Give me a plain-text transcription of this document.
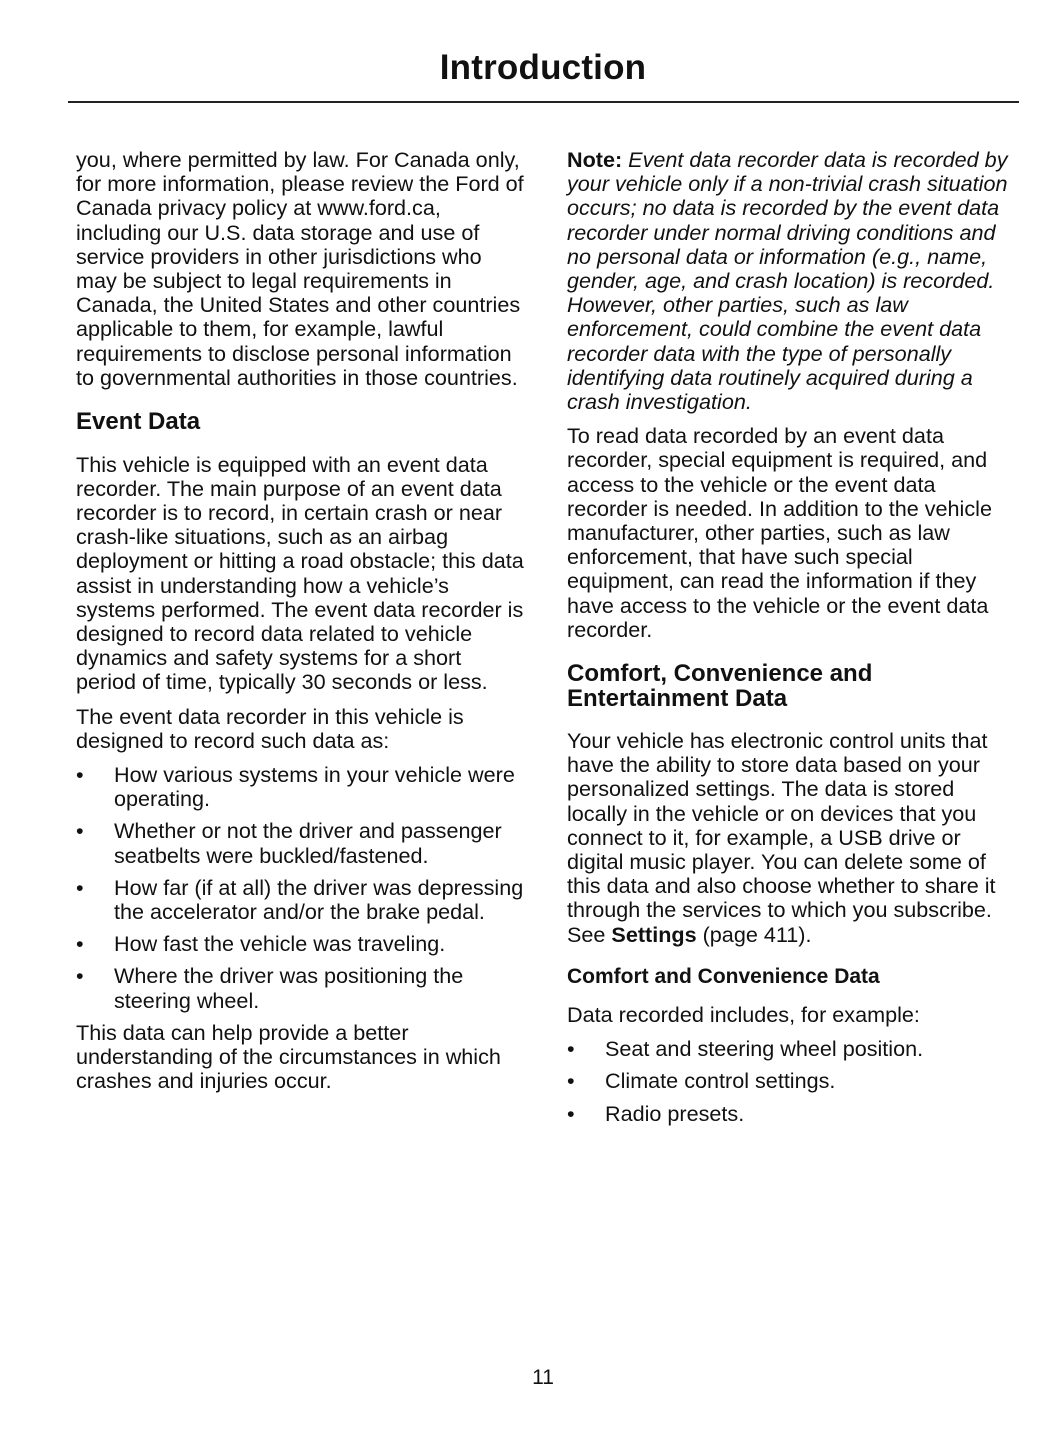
Introduction

you, where permitted by law. For Canada only, for more information, please review the Ford of Canada privacy policy at www.ford.ca, including our U.S. data storage and use of service providers in other jurisdictions who may be subject to legal requirements in Canada, the United States and other countries applicable to them, for example, lawful requirements to disclose personal information to governmental authorities in those countries.

Event Data

This vehicle is equipped with an event data recorder. The main purpose of an event data recorder is to record, in certain crash or near crash-like situations, such as an airbag deployment or hitting a road obstacle; this data assist in understanding how a vehicle’s systems performed. The event data recorder is designed to record data related to vehicle dynamics and safety systems for a short period of time, typically 30 seconds or less.

The event data recorder in this vehicle is designed to record such data as:

• How various systems in your vehicle were operating.
• Whether or not the driver and passenger seatbelts were buckled/fastened.
• How far (if at all) the driver was depressing the accelerator and/or the brake pedal.
• How fast the vehicle was traveling.
• Where the driver was positioning the steering wheel.

This data can help provide a better understanding of the circumstances in which crashes and injuries occur.

Note: Event data recorder data is recorded by your vehicle only if a non-trivial crash situation occurs; no data is recorded by the event data recorder under normal driving conditions and no personal data or information (e.g., name, gender, age, and crash location) is recorded. However, other parties, such as law enforcement, could combine the event data recorder data with the type of personally identifying data routinely acquired during a crash investigation.

To read data recorded by an event data recorder, special equipment is required, and access to the vehicle or the event data recorder is needed. In addition to the vehicle manufacturer, other parties, such as law enforcement, that have such special equipment, can read the information if they have access to the vehicle or the event data recorder.

Comfort, Convenience and Entertainment Data

Your vehicle has electronic control units that have the ability to store data based on your personalized settings. The data is stored locally in the vehicle or on devices that you connect to it, for example, a USB drive or digital music player. You can delete some of this data and also choose whether to share it through the services to which you subscribe. See Settings (page 411).

Comfort and Convenience Data

Data recorded includes, for example:

• Seat and steering wheel position.
• Climate control settings.
• Radio presets.
11
